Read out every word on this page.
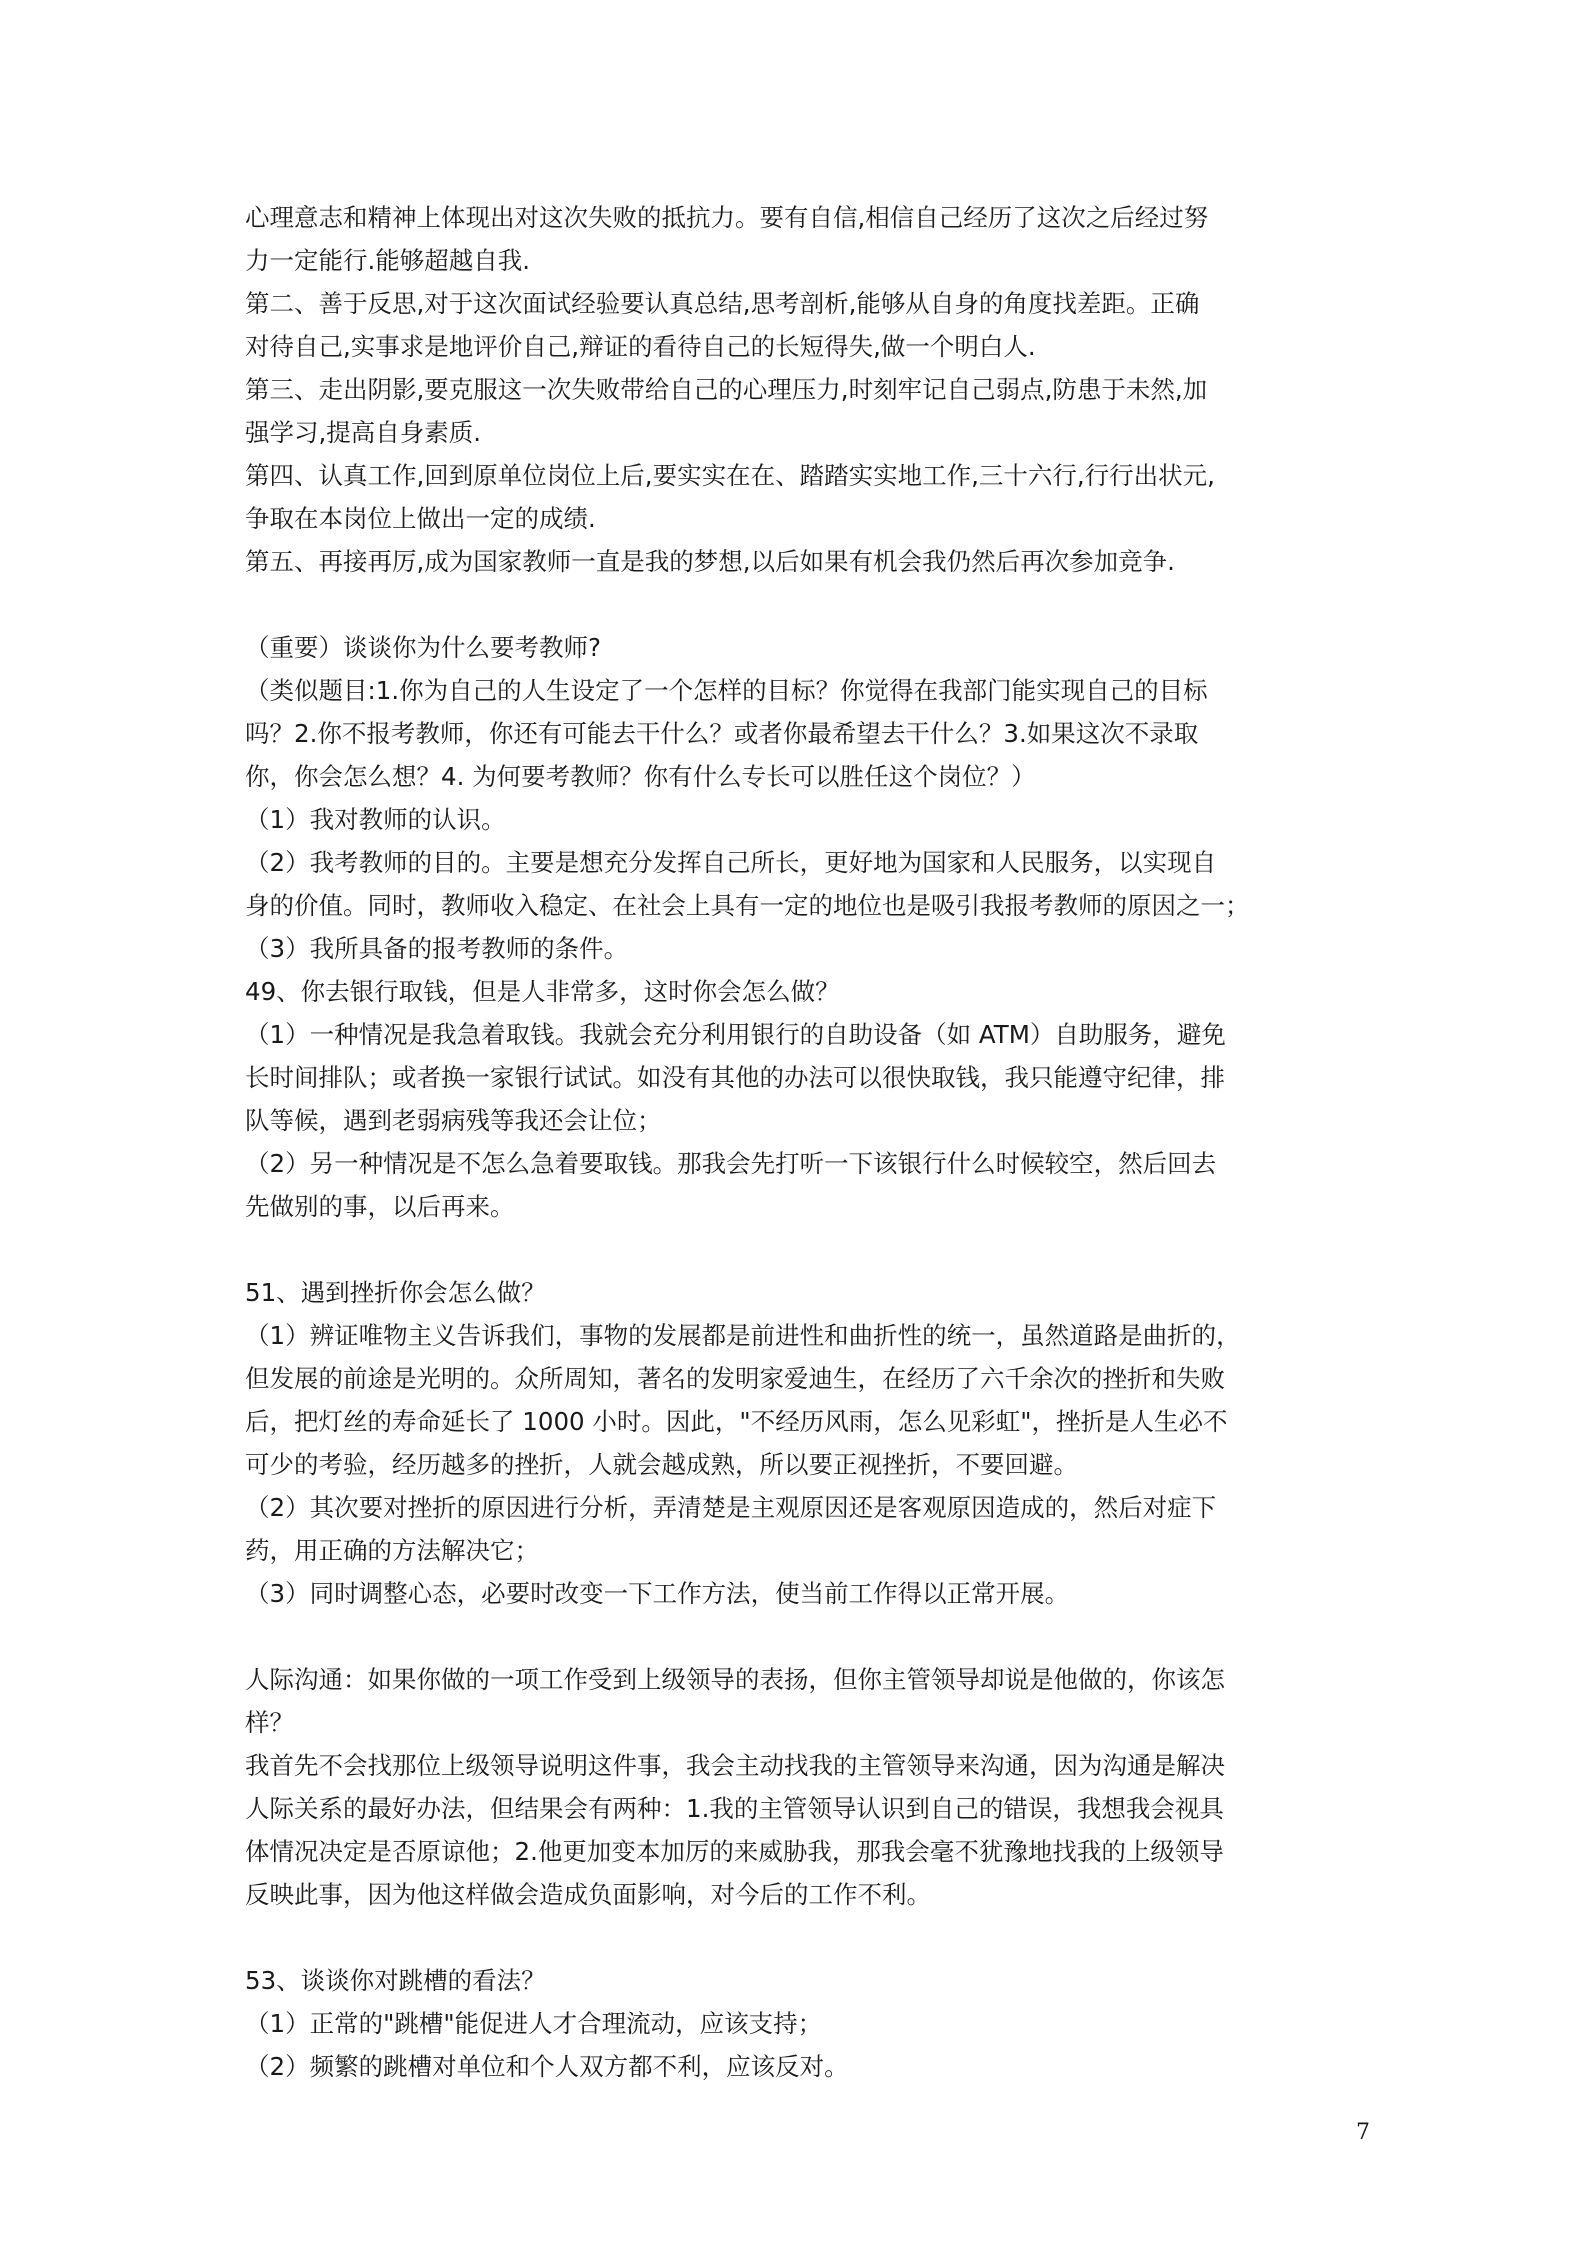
心理意志和精神上体现出对这次失败的抵抗力。要有自信,相信自己经历了这次之后经过努
力一定能行.能够超越自我.
第二、善于反思,对于这次面试经验要认真总结,思考剖析,能够从自身的角度找差距。正确
对待自己,实事求是地评价自己,辩证的看待自己的长短得失,做一个明白人.
第三、走出阴影,要克服这一次失败带给自己的心理压力,时刻牢记自己弱点,防患于未然,加
强学习,提高自身素质.
第四、认真工作,回到原单位岗位上后,要实实在在、踏踏实实地工作,三十六行,行行出状元,
争取在本岗位上做出一定的成绩.
第五、再接再厉,成为国家教师一直是我的梦想,以后如果有机会我仍然后再次参加竞争.
（重要）谈谈你为什么要考教师?
（类似题目:1.你为自己的人生设定了一个怎样的目标？你觉得在我部门能实现自己的目标
吗？2.你不报考教师，你还有可能去干什么？或者你最希望去干什么？3.如果这次不录取
你，你会怎么想？4. 为何要考教师？你有什么专长可以胜任这个岗位？）
（1）我对教师的认识。
（2）我考教师的目的。主要是想充分发挥自己所长，更好地为国家和人民服务，以实现自
身的价值。同时，教师收入稳定、在社会上具有一定的地位也是吸引我报考教师的原因之一；
（3）我所具备的报考教师的条件。
49、你去银行取钱，但是人非常多，这时你会怎么做？
（1）一种情况是我急着取钱。我就会充分利用银行的自助设备（如 ATM）自助服务，避免
长时间排队；或者换一家银行试试。如没有其他的办法可以很快取钱，我只能遵守纪律，排
队等候，遇到老弱病残等我还会让位；
（2）另一种情况是不怎么急着要取钱。那我会先打听一下该银行什么时候较空，然后回去
先做别的事，以后再来。
51、遇到挫折你会怎么做？
（1）辨证唯物主义告诉我们，事物的发展都是前进性和曲折性的统一，虽然道路是曲折的，
但发展的前途是光明的。众所周知，著名的发明家爱迪生，在经历了六千余次的挫折和失败
后，把灯丝的寿命延长了 1000 小时。因此，"不经历风雨，怎么见彩虹"，挫折是人生必不
可少的考验，经历越多的挫折，人就会越成熟，所以要正视挫折，不要回避。
（2）其次要对挫折的原因进行分析，弄清楚是主观原因还是客观原因造成的，然后对症下
药，用正确的方法解决它；
（3）同时调整心态，必要时改变一下工作方法，使当前工作得以正常开展。
人际沟通：如果你做的一项工作受到上级领导的表扬，但你主管领导却说是他做的，你该怎
样？
我首先不会找那位上级领导说明这件事，我会主动找我的主管领导来沟通，因为沟通是解决
人际关系的最好办法，但结果会有两种：1.我的主管领导认识到自己的错误，我想我会视具
体情况决定是否原谅他；2.他更加变本加厉的来威胁我，那我会毫不犹豫地找我的上级领导
反映此事，因为他这样做会造成负面影响，对今后的工作不利。
53、谈谈你对跳槽的看法？
（1）正常的"跳槽"能促进人才合理流动，应该支持；
（2）频繁的跳槽对单位和个人双方都不利，应该反对。
7
